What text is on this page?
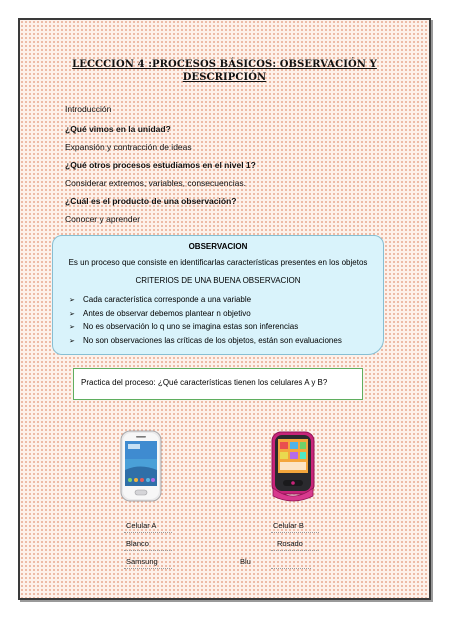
LECCCION 4 :PROCESOS BÁSICOS: OBSERVACIÓN Y
DESCRIPCIÓN
Introducción
¿Qué vimos en la unidad?
Expansión y contracción de ideas
¿Qué otros procesos estudiamos en el nivel 1?
Considerar extremos, variables, consecuencias.
¿Cuál es el producto de una observación?
Conocer y aprender
OBSERVACION
Es un proceso que consiste en identificarlas características presentes en los objetos
CRITERIOS DE UNA BUENA OBSERVACION
➢ Cada característica corresponde a una variable
➢ Antes de observar debemos plantear n objetivo
➢ No es observación lo q uno se imagina estas son inferencias
➢ No son observaciones las críticas de los objetos, están son evaluaciones
Practica del proceso: ¿Qué características tienen los celulares A y B?
Celular A
Blanco
Samsung
Celular B
Rosado
Blu
